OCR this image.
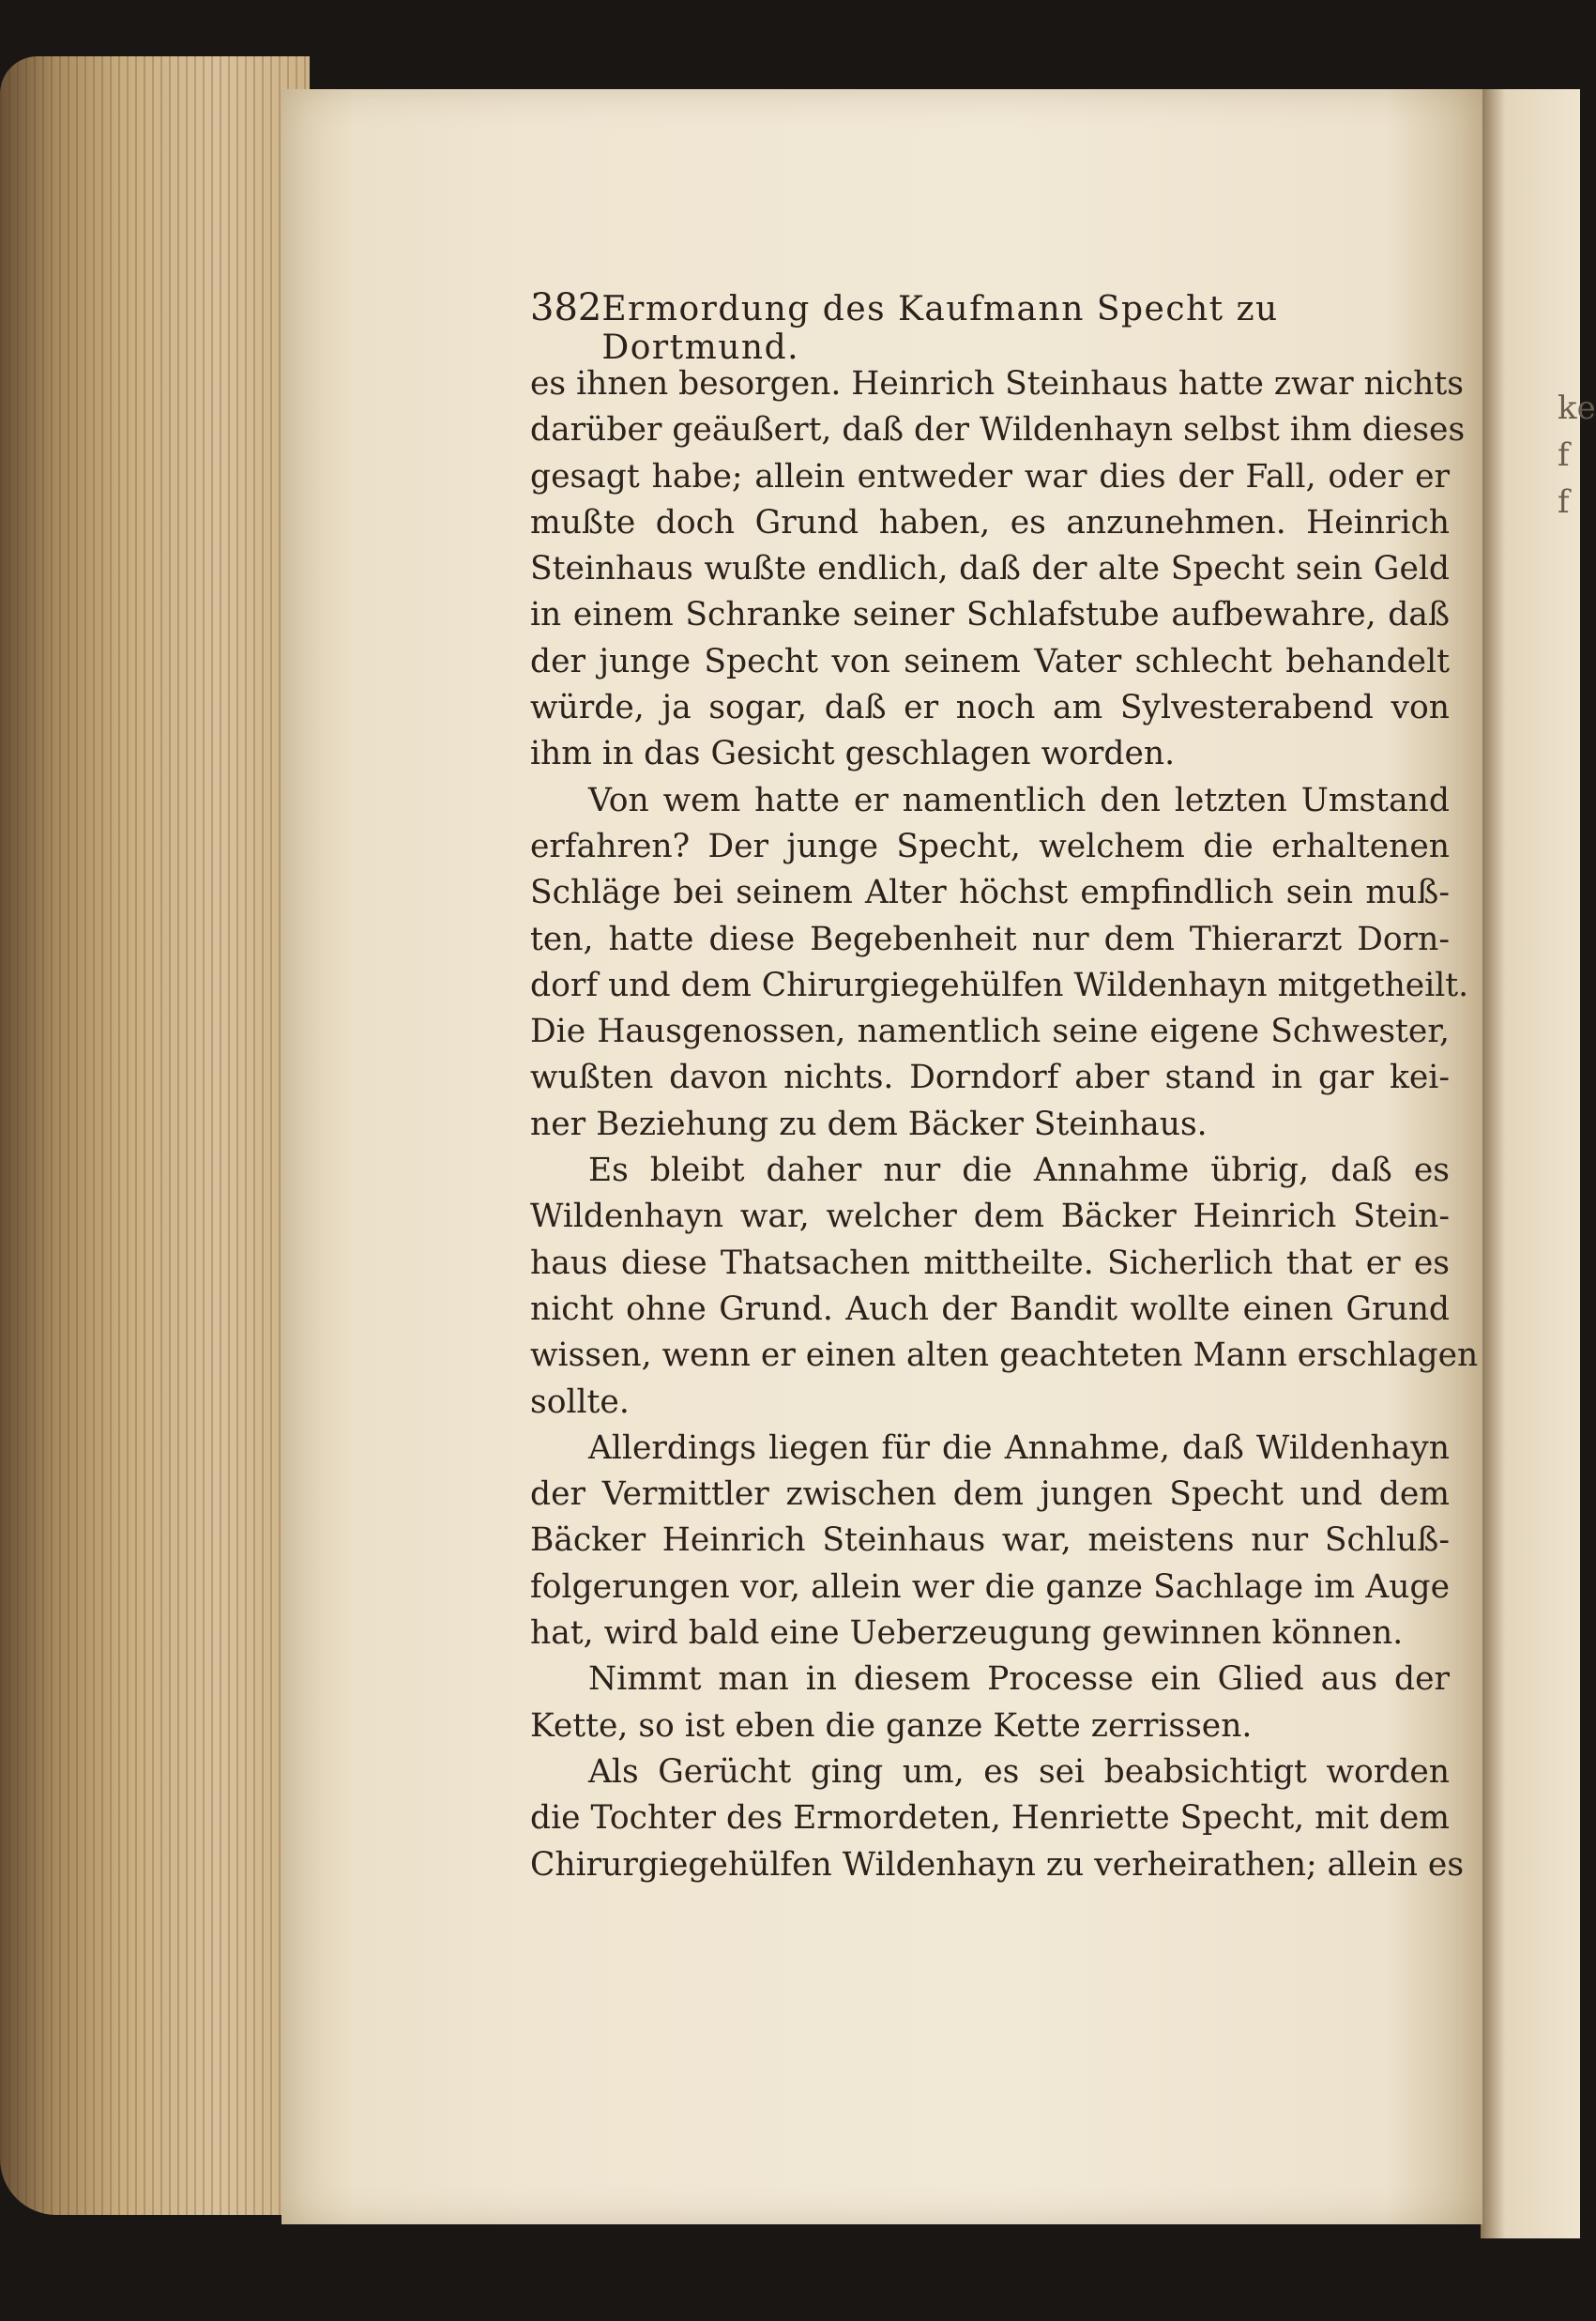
ke
f
f
382 Ermordung des Kaufmann Specht zu Dortmund.
es ihnen besorgen. Heinrich Steinhaus hatte zwar nichts
darüber geäußert, daß der Wildenhayn selbst ihm dieses
gesagt habe; allein entweder war dies der Fall, oder er
mußte doch Grund haben, es anzunehmen. Heinrich
Steinhaus wußte endlich, daß der alte Specht sein Geld
in einem Schranke seiner Schlafstube aufbewahre, daß
der junge Specht von seinem Vater schlecht behandelt
würde, ja sogar, daß er noch am Sylvesterabend von
ihm in das Gesicht geschlagen worden.
Von wem hatte er namentlich den letzten Umstand
erfahren? Der junge Specht, welchem die erhaltenen
Schläge bei seinem Alter höchst empfindlich sein muß-
ten, hatte diese Begebenheit nur dem Thierarzt Dorn-
dorf und dem Chirurgiegehülfen Wildenhayn mitgetheilt.
Die Hausgenossen, namentlich seine eigene Schwester,
wußten davon nichts. Dorndorf aber stand in gar kei-
ner Beziehung zu dem Bäcker Steinhaus.
Es bleibt daher nur die Annahme übrig, daß es
Wildenhayn war, welcher dem Bäcker Heinrich Stein-
haus diese Thatsachen mittheilte. Sicherlich that er es
nicht ohne Grund. Auch der Bandit wollte einen Grund
wissen, wenn er einen alten geachteten Mann erschlagen
sollte.
Allerdings liegen für die Annahme, daß Wildenhayn
der Vermittler zwischen dem jungen Specht und dem
Bäcker Heinrich Steinhaus war, meistens nur Schluß-
folgerungen vor, allein wer die ganze Sachlage im Auge
hat, wird bald eine Ueberzeugung gewinnen können.
Nimmt man in diesem Processe ein Glied aus der
Kette, so ist eben die ganze Kette zerrissen.
Als Gerücht ging um, es sei beabsichtigt worden
die Tochter des Ermordeten, Henriette Specht, mit dem
Chirurgiegehülfen Wildenhayn zu verheirathen; allein es
